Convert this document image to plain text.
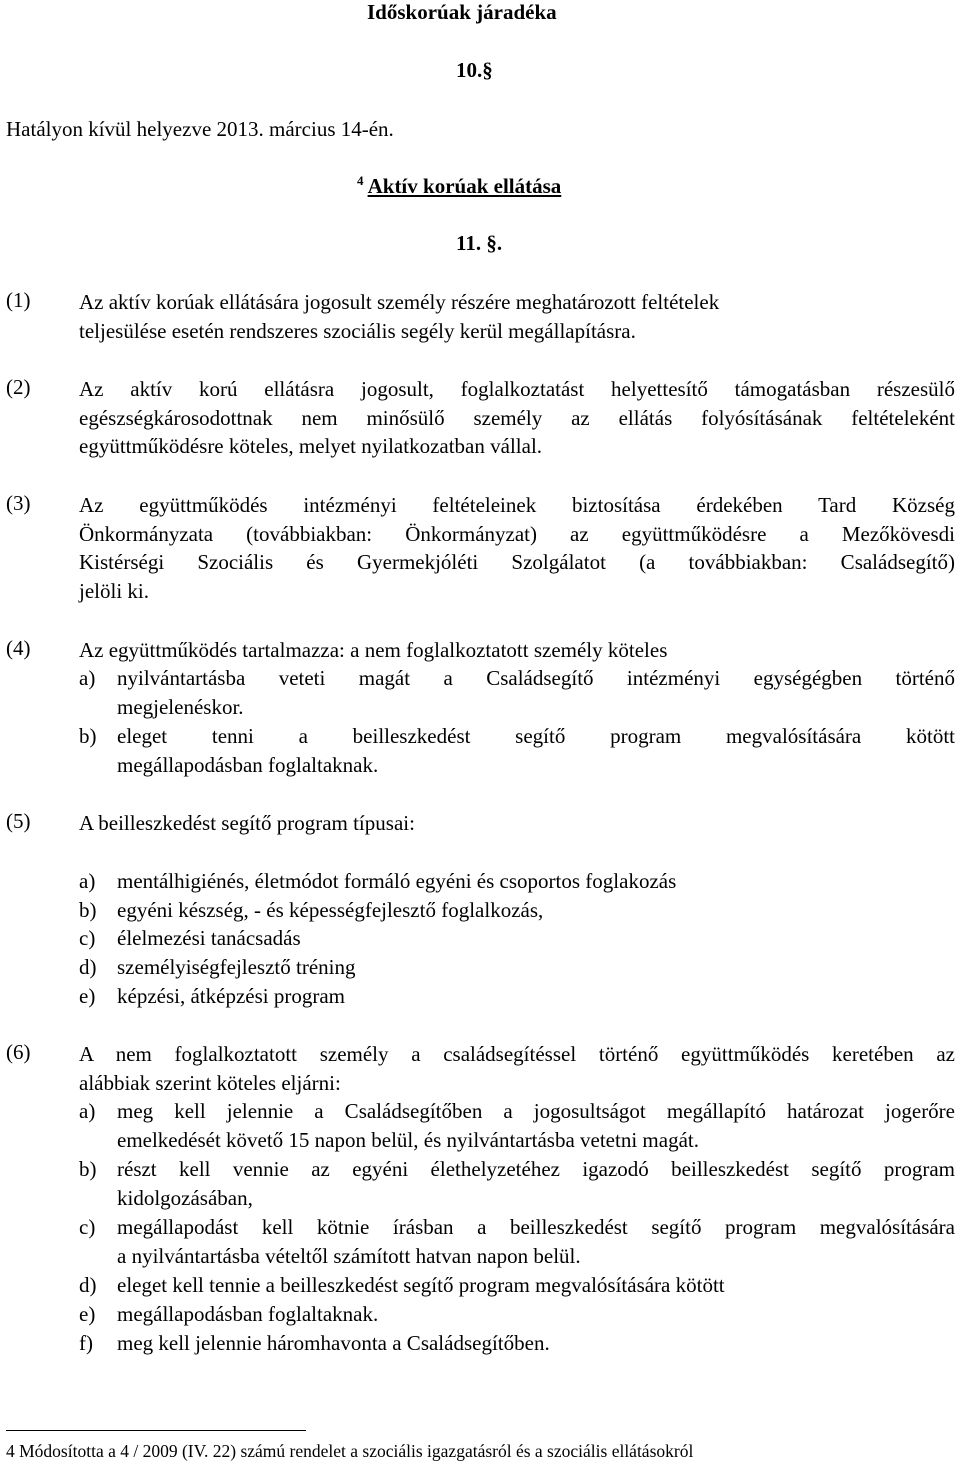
Időskorúak járadéka
10.§
Hatályon kívül helyezve 2013. március 14-én.
$^4$ Aktív korúak ellátása
11. §.
(1) Az aktív korúak ellátására jogosult személy részére meghatározott feltételek
teljesülése esetén rendszeres szociális segély kerül megállapításra.
(2) Az aktív korú ellátásra jogosult, foglalkoztatást helyettesítő támogatásban részesülő
egészségkárosodottnak nem minősülő személy az ellátás folyósításának feltételeként
együttműködésre köteles, melyet nyilatkozatban vállal.
(3) Az együttműködés intézményi feltételeinek biztosítása érdekében Tard Község
Önkormányzata (továbbiakban: Önkormányzat) az együttműködésre a Mezőkövesdi
Kistérségi Szociális és Gyermekjóléti Szolgálatot (a továbbiakban: Családsegítő)
jelöli ki.
(4) Az együttműködés tartalmazza: a nem foglalkoztatott személy köteles
a) nyilvántartásba veteti magát a Családsegítő intézményi egységégben történő
megjelenéskor.
b) eleget tenni a beilleszkedést segítő program megvalósítására kötött
megállapodásban foglaltaknak.
(5) A beilleszkedést segítő program típusai:
a) mentálhigiénés, életmódot formáló egyéni és csoportos foglakozás
b) egyéni készség, - és képességfejlesztő foglalkozás,
c) élelmezési tanácsadás
d) személyiségfejlesztő tréning
e) képzési, átképzési program
(6) A nem foglalkoztatott személy a családsegítéssel történő együttműködés keretében az
alábbiak szerint köteles eljárni:
a) meg kell jelennie a Családsegítőben a jogosultságot megállapító határozat jogerőre
emelkedését követő 15 napon belül, és nyilvántartásba vetetni magát.
b) részt kell vennie az egyéni élethelyzetéhez igazodó beilleszkedést segítő program
kidolgozásában,
c) megállapodást kell kötnie írásban a beilleszkedést segítő program megvalósítására
a nyilvántartásba vételtől számított hatvan napon belül.
d) eleget kell tennie a beilleszkedést segítő program megvalósítására kötött
e) megállapodásban foglaltaknak.
f) meg kell jelennie háromhavonta a Családsegítőben.
4 Módosította a 4 / 2009 (IV. 22) számú rendelet a szociális igazgatásról és a szociális ellátásokról
